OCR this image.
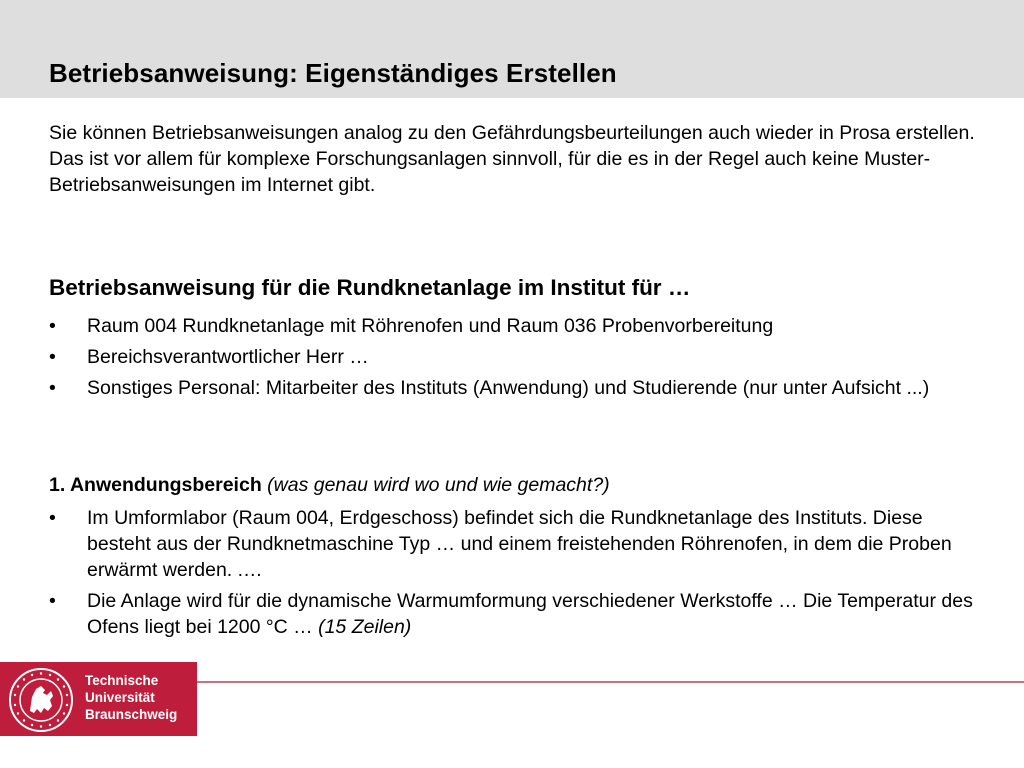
Betriebsanweisung: Eigenständiges Erstellen

Sie können Betriebsanweisungen analog zu den Gefährdungsbeurteilungen auch wieder in Prosa erstellen. Das ist vor allem für komplexe Forschungsanlagen sinnvoll, für die es in der Regel auch keine Muster-Betriebsanweisungen im Internet gibt.

Betriebsanweisung für die Rundknetanlage im Institut für …
• Raum 004 Rundknetanlage mit Röhrenofen und Raum 036 Probenvorbereitung
• Bereichsverantwortlicher Herr …
• Sonstiges Personal: Mitarbeiter des Instituts (Anwendung) und Studierende (nur unter Aufsicht ...)

1. Anwendungsbereich (was genau wird wo und wie gemacht?)

• Im Umformlabor (Raum 004, Erdgeschoss) befindet sich die Rundknetanlage des Instituts. Diese besteht aus der Rundknetmaschine Typ … und einem freistehenden Röhrenofen, in dem die Proben erwärmt werden. .…
• Die Anlage wird für die dynamische Warmumformung verschiedener Werkstoffe … Die Temperatur des Ofens liegt bei 1200 °C … (15 Zeilen)
Technische
Universität
Braunschweig
